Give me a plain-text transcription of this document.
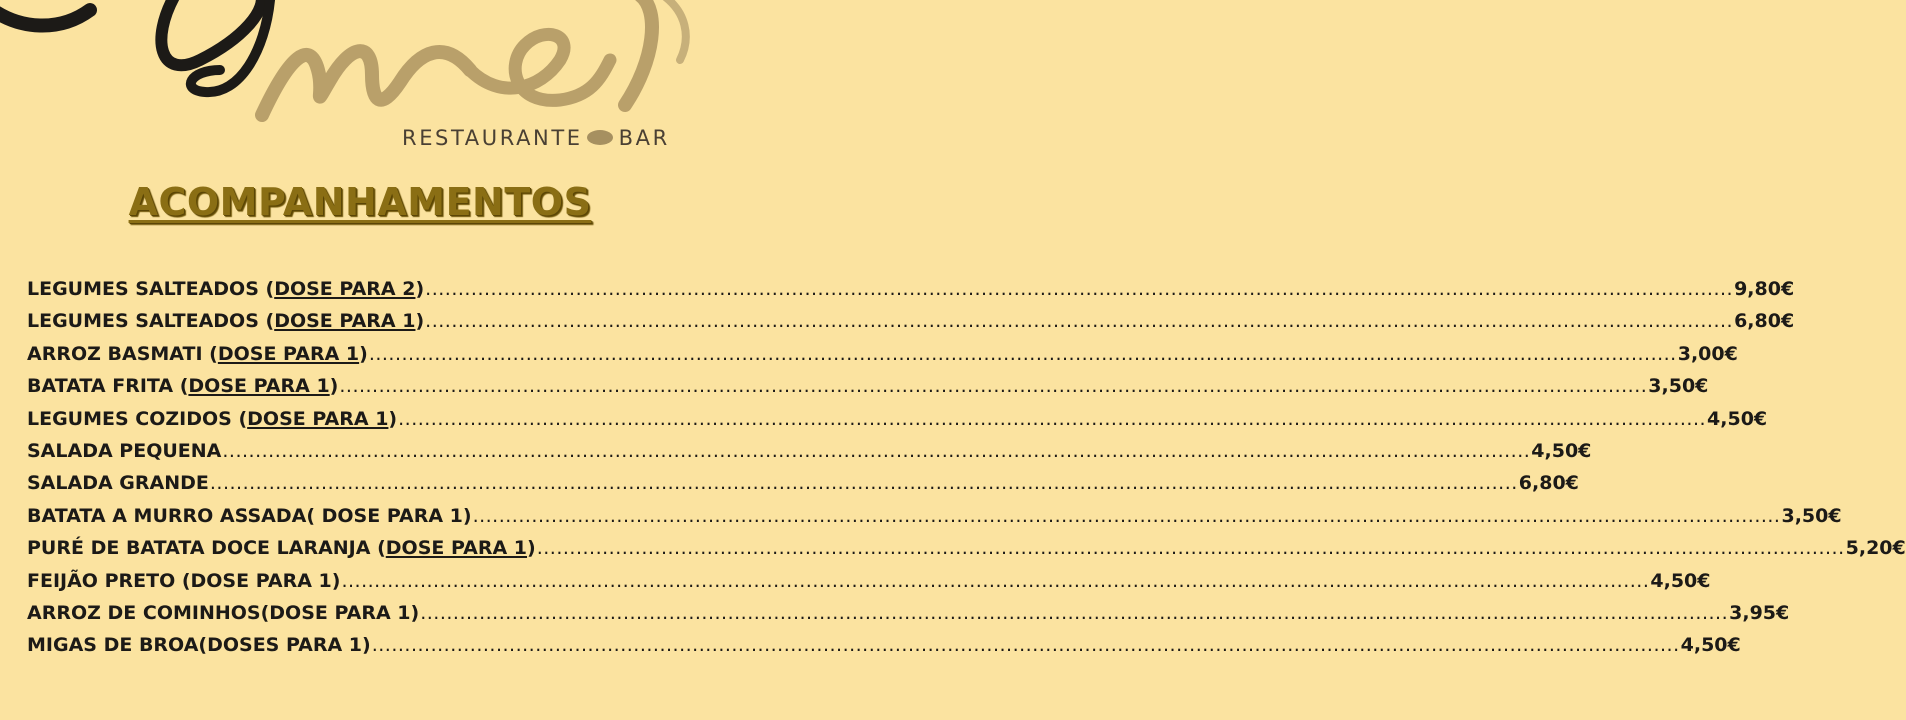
RESTAURANTE BAR
ACOMPANHAMENTOS
LEGUMES SALTEADOS (DOSE PARA 2) ........................................................................................................................................................................................................ 9,80€
LEGUMES SALTEADOS (DOSE PARA 1) ........................................................................................................................................................................................................ 6,80€
ARROZ BASMATI (DOSE PARA 1) ........................................................................................................................................................................................................ 3,00€
BATATA FRITA (DOSE PARA 1) ........................................................................................................................................................................................................ 3,50€
LEGUMES COZIDOS (DOSE PARA 1) ........................................................................................................................................................................................................ 4,50€
SALADA PEQUENA ........................................................................................................................................................................................................ 4,50€
SALADA GRANDE ........................................................................................................................................................................................................ 6,80€
BATATA A MURRO ASSADA( DOSE PARA 1) ........................................................................................................................................................................................................ 3,50€
PURÉ DE BATATA DOCE LARANJA (DOSE PARA 1) ........................................................................................................................................................................................................ 5,20€
FEIJÃO PRETO (DOSE PARA 1) ........................................................................................................................................................................................................ 4,50€
ARROZ DE COMINHOS(DOSE PARA 1) ........................................................................................................................................................................................................ 3,95€
MIGAS DE BROA(DOSES PARA 1) ........................................................................................................................................................................................................ 4,50€
